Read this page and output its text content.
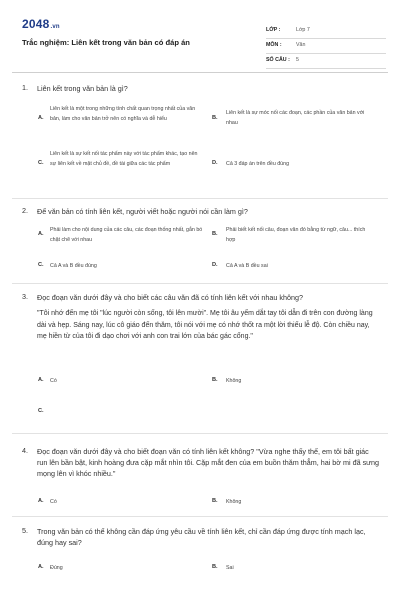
2048.vn
Trắc nghiệm: Liên kết trong văn bản có đáp án
LỚP :	Lớp 7
MÔN :	Văn
SỐ CÂU : 5
1. Liên kết trong văn bản là gì?
A.
Liên kết là một trong những tính chất quan trọng nhất của văn bản, làm cho văn bản trở nên có nghĩa và dễ hiểu	B.
Liên kết là sự móc nối các đoạn, các phần của văn bản với nhau
C.
Liên kết là sự kết nối tác phẩm này với tác phẩm khác, tạo nên sự liên kết về mặt chủ đề, đề tài giữa các tác phẩm	D. Cả 3 đáp án trên đều đúng
2. Để văn bản có tính liên kết, người viết hoặc người nói cần làm gì?
A.
Phải làm cho nội dung của các câu, các đoạn thống nhất, gắn bó chặt chẽ với nhau
B.
Phải biết kết nối câu, đoạn văn đó bằng từ ngữ, câu... thích hợp
C. Cả A và B đều đúng	D. Cả A và B đều sai
3. Đọc đoạn văn dưới đây và cho biết các câu văn đã có tính liên kết với nhau không?
"Tôi nhớ đến mẹ tôi "lúc người còn sống, tôi lên mười". Mẹ tôi âu yếm dắt tay tôi dẫn đi trên con đường làng dài và hẹp. Sáng nay, lúc cô giáo đến thăm, tôi nói với mẹ có nhớ thốt ra một lời thiếu lễ độ. Còn chiều nay, mẹ hiền từ của tôi đi dạo chơi với anh con trai lớn của bác gác cổng."
A. Có	B. Không
C.
4. Đọc đoạn văn dưới đây và cho biết đoạn văn có tính liên kết không? "Vừa nghe thấy thế, em tôi bất giác run lên bần bật, kinh hoàng đưa cặp mắt nhìn tôi. Cặp mắt đen của em buồn thăm thẳm, hai bờ mi đã sưng mọng lên vì khóc nhiều."
A. Có	B. Không
5. Trong văn bản có thể không cần đáp ứng yêu cầu về tính liên kết, chỉ cần đáp ứng được tính mạch lạc, đúng hay sai?
A. Đúng	B. Sai
